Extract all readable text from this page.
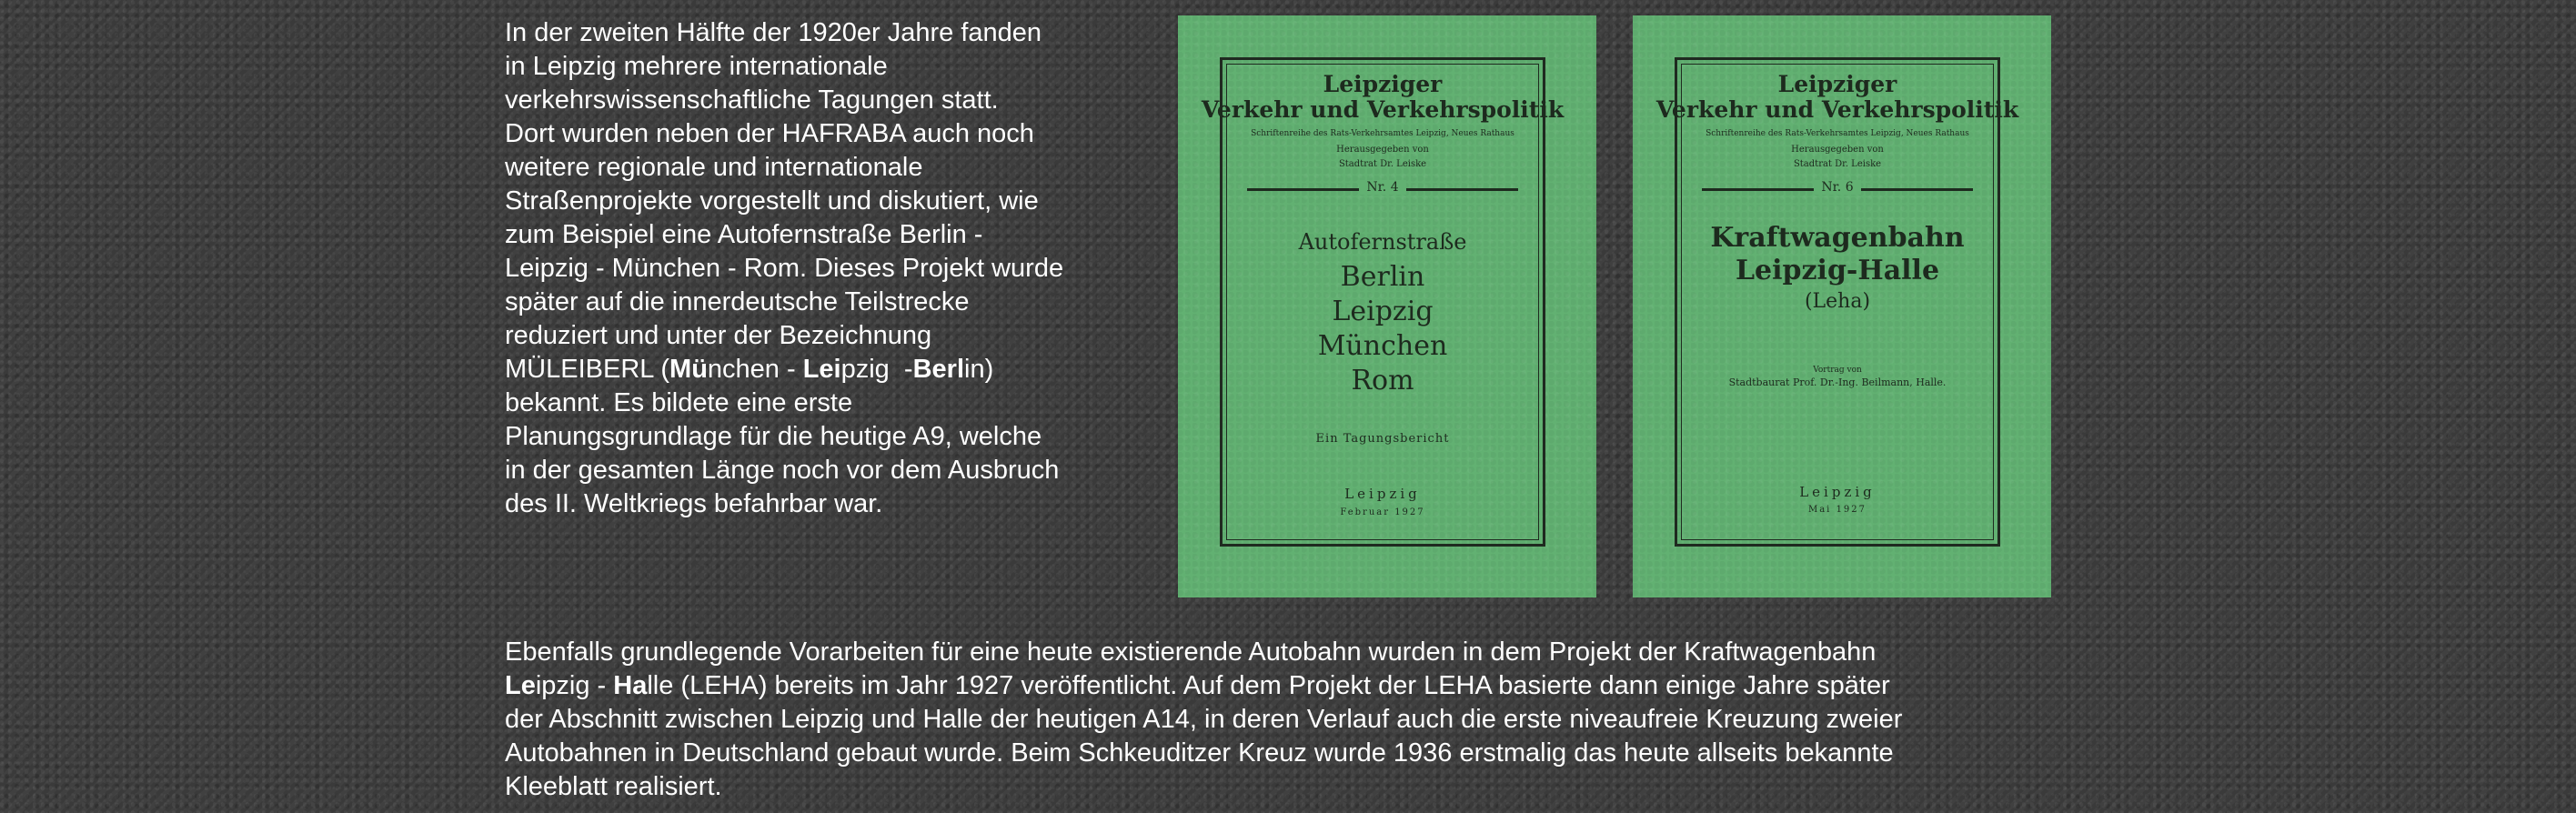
In der zweiten Hälfte der 1920er Jahre fanden
in Leipzig mehrere internationale
verkehrswissenschaftliche Tagungen statt.
Dort wurden neben der HAFRABA auch noch
weitere regionale und internationale
Straßenprojekte vorgestellt und diskutiert, wie
zum Beispiel eine Autofernstraße Berlin -
Leipzig - München - Rom. Dieses Projekt wurde
später auf die innerdeutsche Teilstrecke
reduziert und unter der Bezeichnung
MÜLEIBERL (München - Leipzig  -Berlin)
bekannt. Es bildete eine erste
Planungsgrundlage für die heutige A9, welche
in der gesamten Länge noch vor dem Ausbruch
des II. Weltkriegs befahrbar war.
Leipziger
Verkehr und Verkehrspolitik
Schriftenreihe des Rats-Verkehrsamtes Leipzig, Neues Rathaus
Herausgegeben von
Stadtrat Dr. Leiske
Nr. 4
Autofernstraße
Berlin
Leipzig
München
Rom
Ein Tagungsbericht
Leipzig
Februar 1927
Leipziger
Verkehr und Verkehrspolitik
Schriftenreihe des Rats-Verkehrsamtes Leipzig, Neues Rathaus
Herausgegeben von
Stadtrat Dr. Leiske
Nr. 6
Kraftwagenbahn
Leipzig-Halle
(Leha)
Vortrag von
Stadtbaurat Prof. Dr.-Ing. Beilmann, Halle.
Leipzig
Mai 1927
Ebenfalls grundlegende Vorarbeiten für eine heute existierende Autobahn wurden in dem Projekt der Kraftwagenbahn
Leipzig - Halle (LEHA) bereits im Jahr 1927 veröffentlicht. Auf dem Projekt der LEHA basierte dann einige Jahre später
der Abschnitt zwischen Leipzig und Halle der heutigen A14, in deren Verlauf auch die erste niveaufreie Kreuzung zweier
Autobahnen in Deutschland gebaut wurde. Beim Schkeuditzer Kreuz wurde 1936 erstmalig das heute allseits bekannte
Kleeblatt realisiert.
